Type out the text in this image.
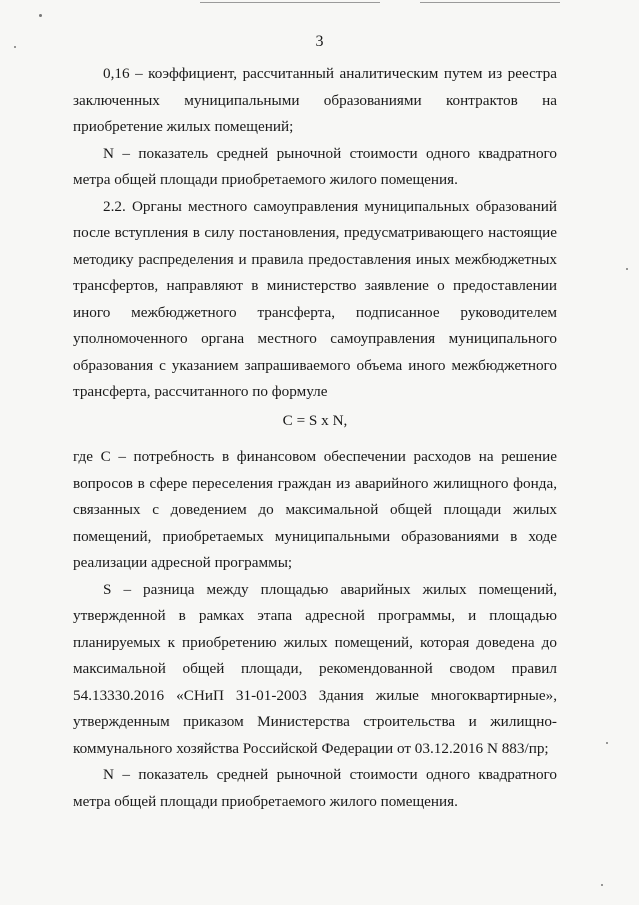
3

0,16 – коэффициент, рассчитанный аналитическим путем из реестра
заключенных муниципальными образованиями контрактов на
приобретение жилых помещений;

N – показатель средней рыночной стоимости одного квадратного
метра общей площади приобретаемого жилого помещения.

2.2. Органы местного самоуправления муниципальных образований
после вступления в силу постановления, предусматривающего настоящие
методику распределения и правила предоставления иных межбюджетных
трансфертов, направляют в министерство заявление о предоставлении
иного межбюджетного трансферта, подписанное руководителем
уполномоченного органа местного самоуправления муниципального
образования с указанием запрашиваемого объема иного межбюджетного
трансферта, рассчитанного по формуле

C = S x N,

где C – потребность в финансовом обеспечении расходов на решение
вопросов в сфере переселения граждан из аварийного жилищного фонда,
связанных с доведением до максимальной общей площади жилых
помещений, приобретаемых муниципальными образованиями в ходе
реализации адресной программы;

S – разница между площадью аварийных жилых помещений,
утвержденной в рамках этапа адресной программы, и площадью
планируемых к приобретению жилых помещений, которая доведена до
максимальной общей площади, рекомендованной сводом правил
54.13330.2016 «СНиП 31-01-2003 Здания жилые многоквартирные»,
утвержденным приказом Министерства строительства и жилищно-
коммунального хозяйства Российской Федерации от 03.12.2016 N 883/пр;

N – показатель средней рыночной стоимости одного квадратного
метра общей площади приобретаемого жилого помещения.
